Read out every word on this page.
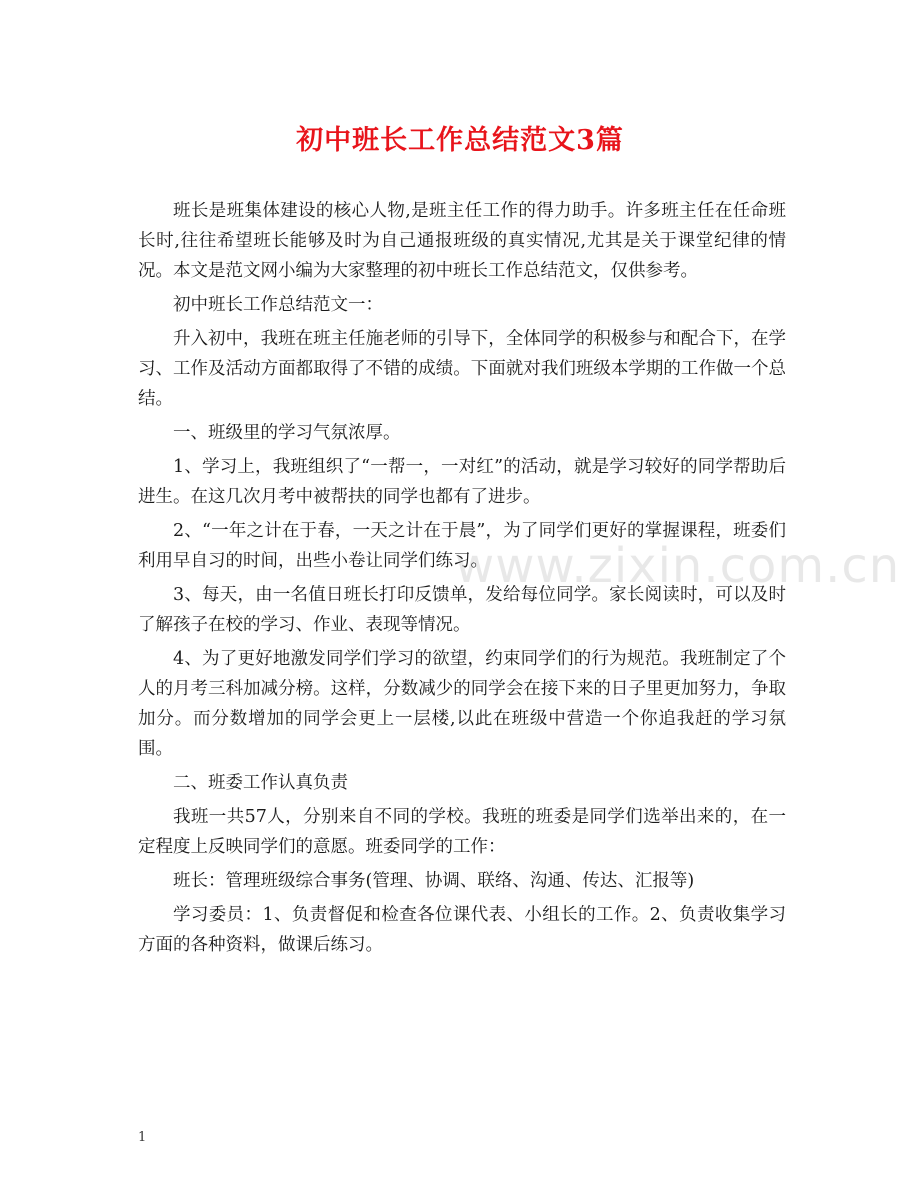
初中班长工作总结范文3篇

班长是班集体建设的核心人物,是班主任工作的得力助手。许多班主任在任命班长时,往往希望班长能够及时为自己通报班级的真实情况,尤其是关于课堂纪律的情况。本文是范文网小编为大家整理的初中班长工作总结范文，仅供参考。

初中班长工作总结范文一：

升入初中，我班在班主任施老师的引导下，全体同学的积极参与和配合下，在学习、工作及活动方面都取得了不错的成绩。下面就对我们班级本学期的工作做一个总结。

一、班级里的学习气氛浓厚。

1、学习上，我班组织了“一帮一，一对红”的活动，就是学习较好的同学帮助后进生。在这几次月考中被帮扶的同学也都有了进步。

2、“一年之计在于春，一天之计在于晨”，为了同学们更好的掌握课程，班委们利用早自习的时间，出些小卷让同学们练习。

3、每天，由一名值日班长打印反馈单，发给每位同学。家长阅读时，可以及时了解孩子在校的学习、作业、表现等情况。

4、为了更好地激发同学们学习的欲望，约束同学们的行为规范。我班制定了个人的月考三科加减分榜。这样，分数减少的同学会在接下来的日子里更加努力，争取加分。而分数增加的同学会更上一层楼,以此在班级中营造一个你追我赶的学习氛围。

二、班委工作认真负责

我班一共57人，分别来自不同的学校。我班的班委是同学们选举出来的，在一定程度上反映同学们的意愿。班委同学的工作：

班长：管理班级综合事务(管理、协调、联络、沟通、传达、汇报等)

学习委员：1、负责督促和检查各位课代表、小组长的工作。2、负责收集学习方面的各种资料，做课后练习。

www.zixin.com.cn
1
